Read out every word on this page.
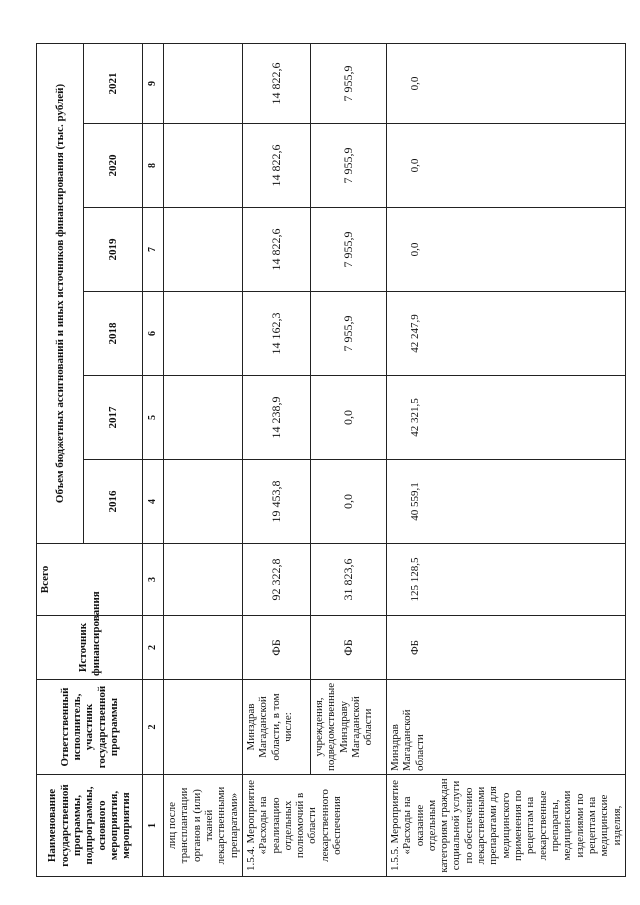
Наименование государственной программы, подпрограммы, основного мероприятия, мероприятия	Ответственный исполнитель, участник государственной программы	Источник финансирования	Всего	Объем бюджетных ассигнований и иных источников финансирования (тыс. рублей)					
				2016	2017	2018	2019	2020	2021
1	2	2	3	4	5	6	7	8	9
лиц после трансплантации органов и (или) тканей лекарственными препаратами»									
1.5.4. Мероприятие «Расходы на реализацию отдельных полномочий в области лекарственного обеспечения	Минздрав Магаданской области, в том числе:	ФБ	92 322,8	19 453,8	14 238,9	14 162,3	14 822,6	14 822,6	14 822,6
	учреждения, подведомственные Минздраву Магаданской области	ФБ	31 823,6	0,0	0,0	7 955,9	7 955,9	7 955,9	7 955,9
1.5.5. Мероприятие «Расходы на оказание отдельным категориям граждан социальной услуги по обеспечению лекарственными препаратами для медицинского применения по рецептам на лекарственные препараты, медицинскими изделиями по рецептам на медицинские изделия,	Минздрав Магаданской области	ФБ	125 128,5	40 559,1	42 321,5	42 247,9	0,0	0,0	0,0
